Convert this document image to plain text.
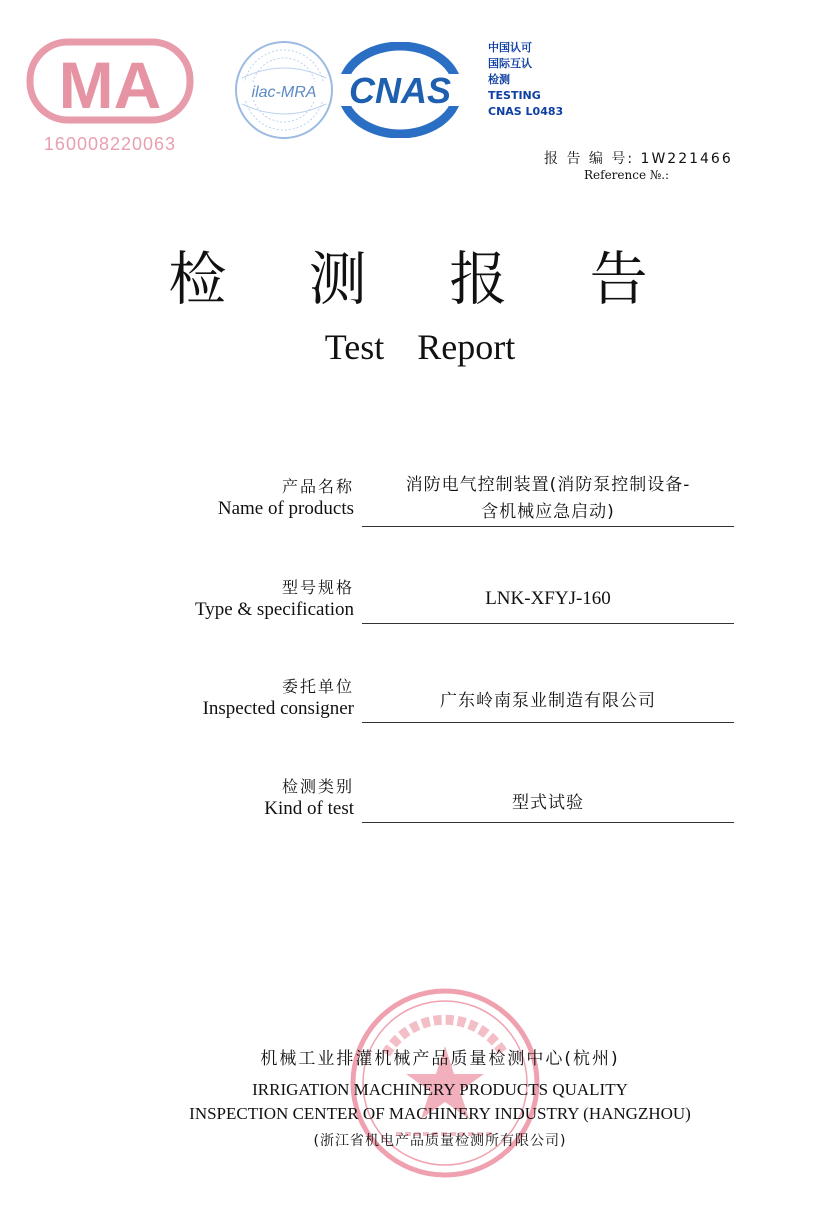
MA
160008220063
ilac-MRA CNAS
中国认可
国际互认
检测
TESTING
CNAS L0483
报 告 编 号: 1W221466
Reference №.:
检 测 报 告
Test Report
产品名称
Name of products
消防电气控制装置(消防泵控制设备-
含机械应急启动)
型号规格
Type & specification
LNK-XFYJ-160
委托单位
Inspected consigner	广东岭南泵业制造有限公司
检测类别
Kind of test	型式试验
机械工业排灌机械产品质量检测中心(杭州)
IRRIGATION MACHINERY PRODUCTS QUALITY
INSPECTION CENTER OF MACHINERY INDUSTRY (HANGZHOU)
(浙江省机电产品质量检测所有限公司)
